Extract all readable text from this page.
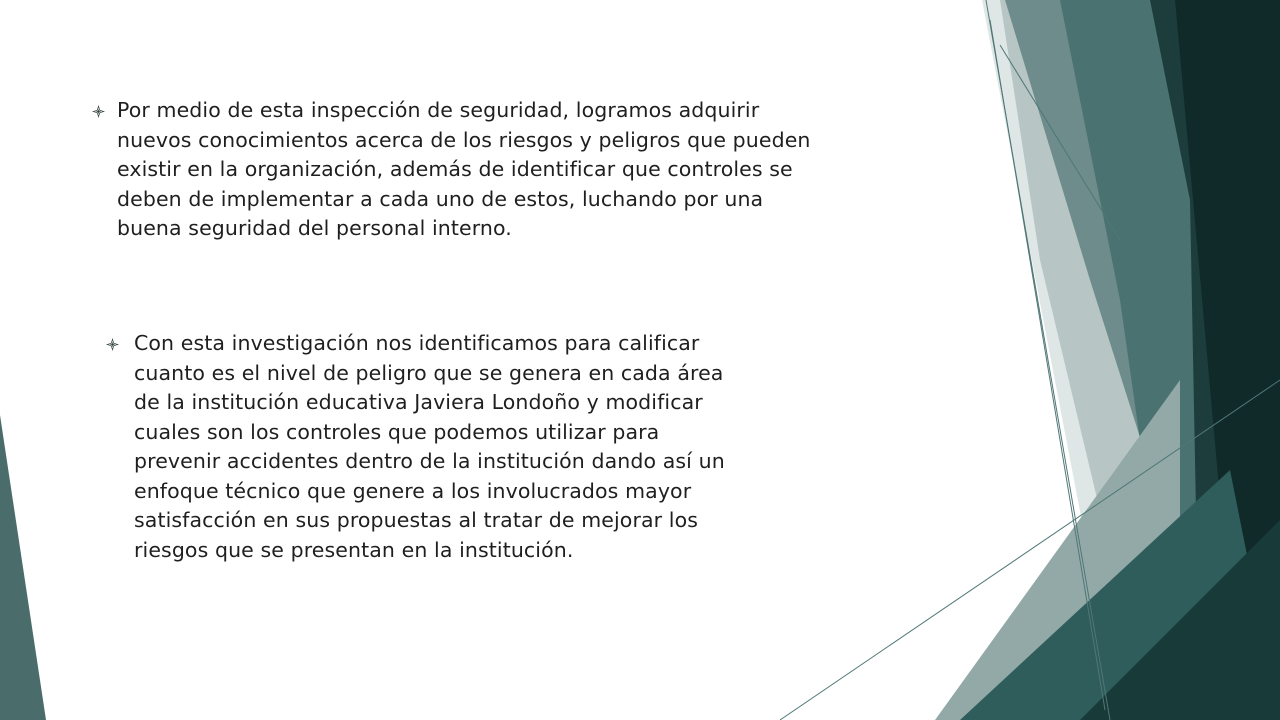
Por medio de esta inspección de seguridad, logramos adquirir nuevos conocimientos acerca de los riesgos y peligros que pueden existir en la organización, además de identificar que controles se deben de implementar a cada uno de estos, luchando por una buena seguridad del personal interno.
Con esta investigación nos identificamos para calificar cuanto es el nivel de peligro que se genera en cada área de la institución educativa Javiera Londoño y modificar cuales son los controles que podemos utilizar para prevenir accidentes dentro de la institución dando así un enfoque técnico que genere a los involucrados mayor satisfacción en sus propuestas al tratar de mejorar los riesgos que se presentan en la institución.
